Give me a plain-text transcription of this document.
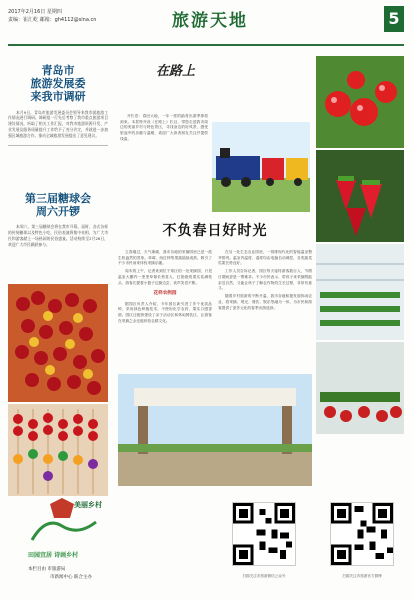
2017年2月16日 星期四
责编：崔汇屹 邮箱：gh4112@sina.cn	旅游天地	5
青岛市
旅游发展委
来我市调研
本月9日，青岛市旅游发展委员会领导来我市就旅游工作情况进行调研。调研组一行先后考察了我市重点旅游项目建设情况，听取了相关工作汇报，对我市旅游资源开发、产业发展及服务质量提升工作给予了充分肯定，并就进一步加强区域旅游合作、推动全域旅游发展提出了意见建议。
第三届糖球会
周六开锣
本周六，第三届糖球会将在我市开幕。届时，各式各样的传统糖球以及特色小吃、民俗表演将集中亮相，为广大市民和游客献上一场热闹的民俗盛宴。活动持续至2月26日，欢迎广大市民踊跃参与。
在路上
开栏语：春回大地，一年一度的踏青出游季即将到来。本报特开设《在路上》栏目，带您走进我市周边的美丽乡村与特色景区，寻找身边的好风景，感受旅途中的乐趣与温暖，欢迎广大读者朋友关注并提供线索。
不负春日好时光
立春刚过，天气渐暖，我市各地的采摘园里已是一派生机盎然的景象。草莓、西红柿等果蔬陆续成熟，吸引了不少市民前来体验采摘乐趣。
周末的上午，记者来到位于郊区的一处采摘园，只见温室大棚内一垄垄草莓长势喜人，红艳艳的果实挂满枝头，游客们提着小篮子边摘边尝，欢声笑语不断。
花样农例园
据园区负责人介绍，今年园区新引进了多个优质品种，采用绿色种植技术，不使用化学农药，果实口感香甜。园区还配套建设了亲子活动区和休闲餐饮区，让游客在采摘之余还能体验农耕文化。
在另一处生态农业园里，一排排现代化的智能温室整齐排列。温室内温度、湿度均由电脑自动调控，各类蔬菜瓜果长势良好。
工作人员告诉记者，园区每天接待游客数百人，节假日期间更是一票难求。不少市民表示，带孩子来采摘既能亲近自然，又能让孩子了解农作物的生长过程，非常有意义。
随着乡村旅游的不断升温，我市各地积极发展休闲农业，将采摘、观光、餐饮、娱乐等融为一体，为市民和游客提供了更多元化的春季出游选择。
美丽乡村
田园宜居 诗画乡村
本栏目由 市旅游局
市新闻中心 联合主办	扫描关注市旅游微信公众号	扫描关注市旅游官方微博
